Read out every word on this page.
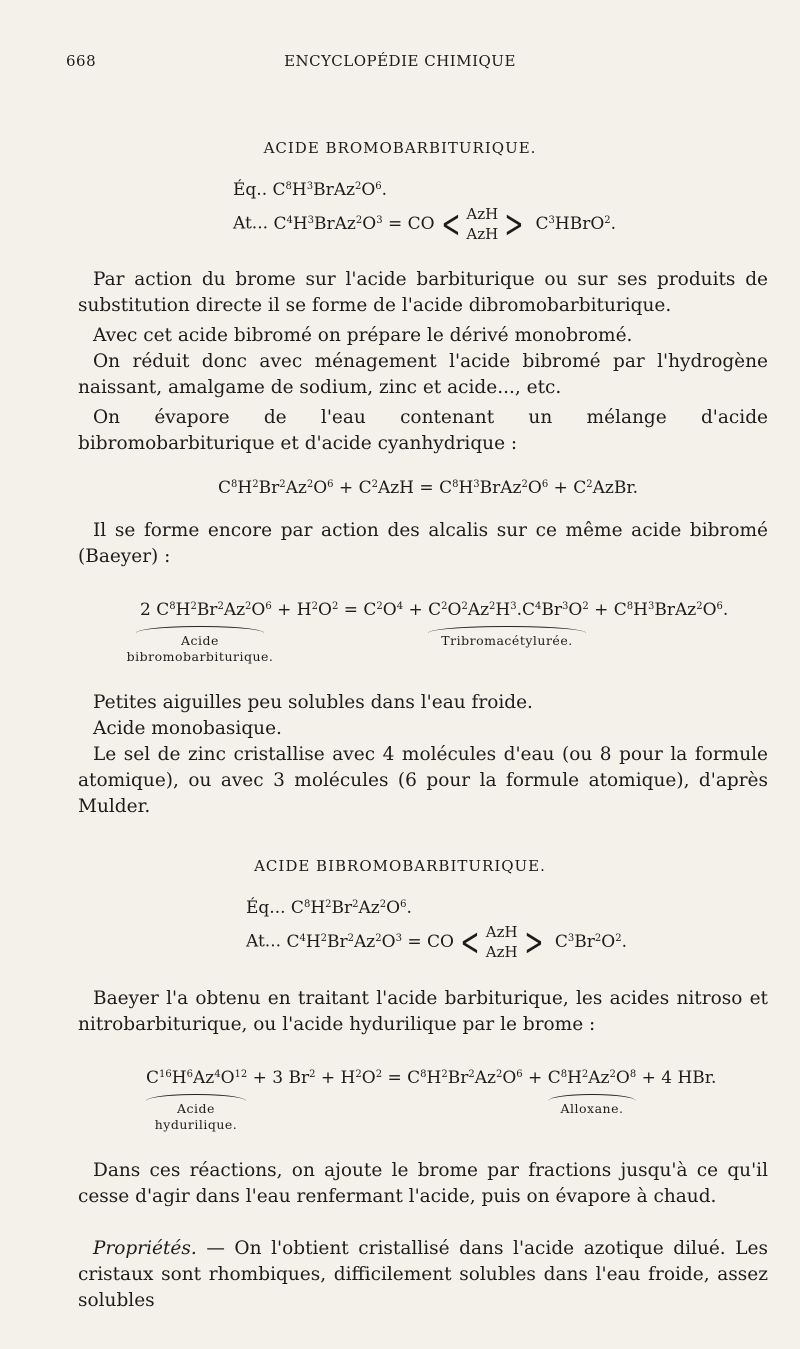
668	ENCYCLOPÉDIE CHIMIQUE
ACIDE BROMOBARBITURIQUE.
Éq.. $C^8H^3BrAz^2O^6$.
At... $C^4H^3BrAz^2O^3$ = CO < AzH
AzH > $C^3HBrO^2$.
Par action du brome sur l'acide barbiturique ou sur ses produits de substitution directe il se forme de l'acide dibromobarbiturique.
Avec cet acide bibromé on prépare le dérivé monobromé.
On réduit donc avec ménagement l'acide bibromé par l'hydrogène naissant, amalgame de sodium, zinc et acide..., etc.
On évapore de l'eau contenant un mélange d'acide bibromobarbiturique et d'acide cyanhydrique :
$C^8H^2Br^2Az^2O^6 + C^2AzH$ = $C^8H^3BrAz^2O^6$ + $C^2AzBr$.
Il se forme encore par action des alcalis sur ce même acide bibromé (Baeyer) :
2 $C^8H^2Br^2Az^2O^6 + H^2O^2 = C^2O^4 + C^2O^2Az^2H^3.C^4Br^3O^2$ + $C^8H^3BrAz^2O^6$.
Acide
bibromobarbiturique.
Tribromacétylurée.
Petites aiguilles peu solubles dans l'eau froide.
Acide monobasique.
Le sel de zinc cristallise avec 4 molécules d'eau (ou 8 pour la formule atomique), ou avec 3 molécules (6 pour la formule atomique), d'après Mulder.
ACIDE BIBROMOBARBITURIQUE.
Éq... $C^8H^2Br^2Az^2O^6$.
At... $C^4H^2Br^2Az^2O^3$ = CO < AzH
AzH > $C^3Br^2O^2$.
Baeyer l'a obtenu en traitant l'acide barbiturique, les acides nitroso et nitrobarbiturique, ou l'acide hydurilique par le brome :
$C^{16}H^6Az^4O^{12} + 3$ $Br^2 + H^2O^2 = C^8H^2Br^2Az^2O^6 + C^8H^2Az^2O^8 + 4$ HBr.
Acide
hydurilique.
Alloxane.
Dans ces réactions, on ajoute le brome par fractions jusqu'à ce qu'il cesse d'agir dans l'eau renfermant l'acide, puis on évapore à chaud.
Propriétés. — On l'obtient cristallisé dans l'acide azotique dilué. Les cristaux sont rhombiques, difficilement solubles dans l'eau froide, assez solubles
